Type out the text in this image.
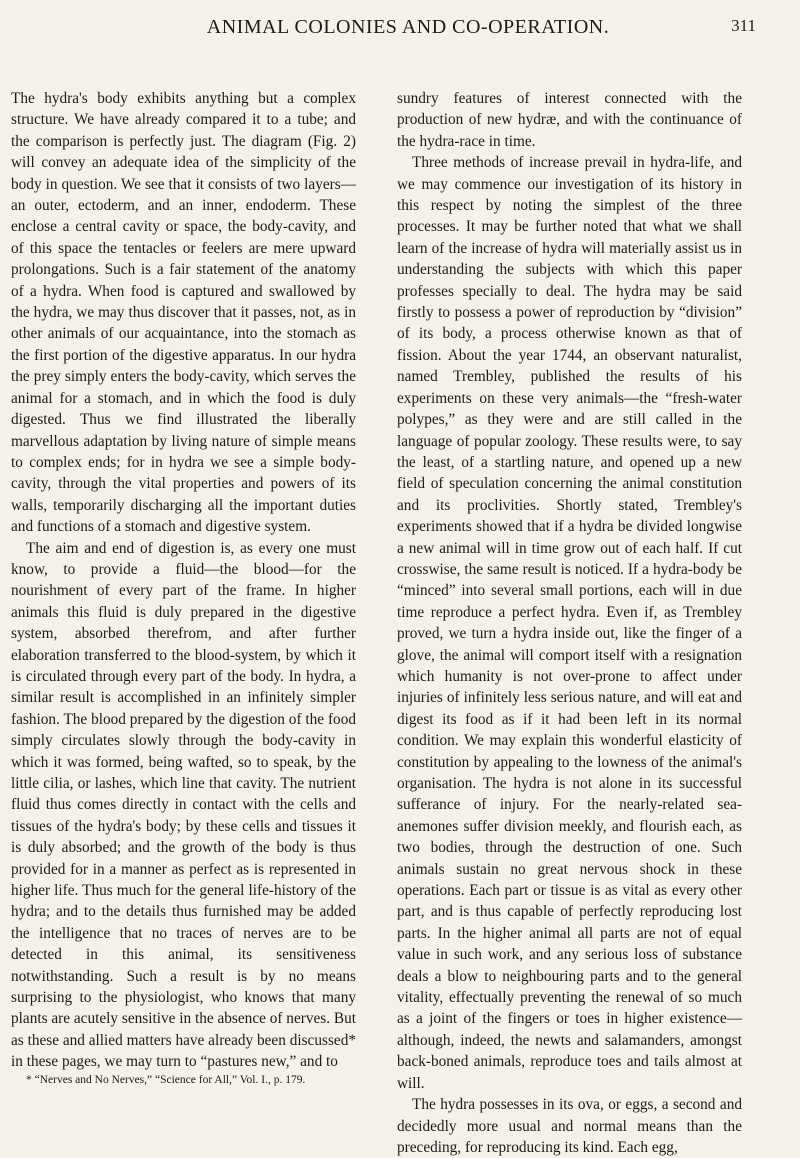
ANIMAL COLONIES AND CO-OPERATION.	311

The hydra's body exhibits anything but a complex structure. We have already compared it to a tube; and the comparison is perfectly just. The diagram (Fig. 2) will convey an adequate idea of the simplicity of the body in question. We see that it consists of two layers—an outer, ectoderm, and an inner, endoderm. These enclose a central cavity or space, the body-cavity, and of this space the tentacles or feelers are mere upward prolongations. Such is a fair statement of the anatomy of a hydra. When food is captured and swallowed by the hydra, we may thus discover that it passes, not, as in other animals of our acquaintance, into the stomach as the first portion of the digestive apparatus. In our hydra the prey simply enters the body-cavity, which serves the animal for a stomach, and in which the food is duly digested. Thus we find illustrated the liberally marvellous adaptation by living nature of simple means to complex ends; for in hydra we see a simple body-cavity, through the vital properties and powers of its walls, temporarily discharging all the important duties and functions of a stomach and digestive system.

The aim and end of digestion is, as every one must know, to provide a fluid—the blood—for the nourishment of every part of the frame. In higher animals this fluid is duly prepared in the digestive system, absorbed therefrom, and after further elaboration transferred to the blood-system, by which it is circulated through every part of the body. In hydra, a similar result is accomplished in an infinitely simpler fashion. The blood prepared by the digestion of the food simply circulates slowly through the body-cavity in which it was formed, being wafted, so to speak, by the little cilia, or lashes, which line that cavity. The nutrient fluid thus comes directly in contact with the cells and tissues of the hydra's body; by these cells and tissues it is duly absorbed; and the growth of the body is thus provided for in a manner as perfect as is represented in higher life. Thus much for the general life-history of the hydra; and to the details thus furnished may be added the intelligence that no traces of nerves are to be detected in this animal, its sensitiveness notwithstanding. Such a result is by no means surprising to the physiologist, who knows that many plants are acutely sensitive in the absence of nerves. But as these and allied matters have already been discussed* in these pages, we may turn to “pastures new,” and to

* “Nerves and No Nerves,” “Science for All,” Vol. I., p. 179.

sundry features of interest connected with the production of new hydræ, and with the continuance of the hydra-race in time.

Three methods of increase prevail in hydra-life, and we may commence our investigation of its history in this respect by noting the simplest of the three processes. It may be further noted that what we shall learn of the increase of hydra will materially assist us in understanding the subjects with which this paper professes specially to deal. The hydra may be said firstly to possess a power of reproduction by “division” of its body, a process otherwise known as that of fission. About the year 1744, an observant naturalist, named Trembley, published the results of his experiments on these very animals—the “fresh-water polypes,” as they were and are still called in the language of popular zoology. These results were, to say the least, of a startling nature, and opened up a new field of speculation concerning the animal constitution and its proclivities. Shortly stated, Trembley's experiments showed that if a hydra be divided longwise a new animal will in time grow out of each half. If cut crosswise, the same result is noticed. If a hydra-body be “minced” into several small portions, each will in due time reproduce a perfect hydra. Even if, as Trembley proved, we turn a hydra inside out, like the finger of a glove, the animal will comport itself with a resignation which humanity is not over-prone to affect under injuries of infinitely less serious nature, and will eat and digest its food as if it had been left in its normal condition. We may explain this wonderful elasticity of constitution by appealing to the lowness of the animal's organisation. The hydra is not alone in its successful sufferance of injury. For the nearly-related sea-anemones suffer division meekly, and flourish each, as two bodies, through the destruction of one. Such animals sustain no great nervous shock in these operations. Each part or tissue is as vital as every other part, and is thus capable of perfectly reproducing lost parts. In the higher animal all parts are not of equal value in such work, and any serious loss of substance deals a blow to neighbouring parts and to the general vitality, effectually preventing the renewal of so much as a joint of the fingers or toes in higher existence—although, indeed, the newts and salamanders, amongst back-boned animals, reproduce toes and tails almost at will.

The hydra possesses in its ova, or eggs, a second and decidedly more usual and normal means than the preceding, for reproducing its kind. Each egg,
